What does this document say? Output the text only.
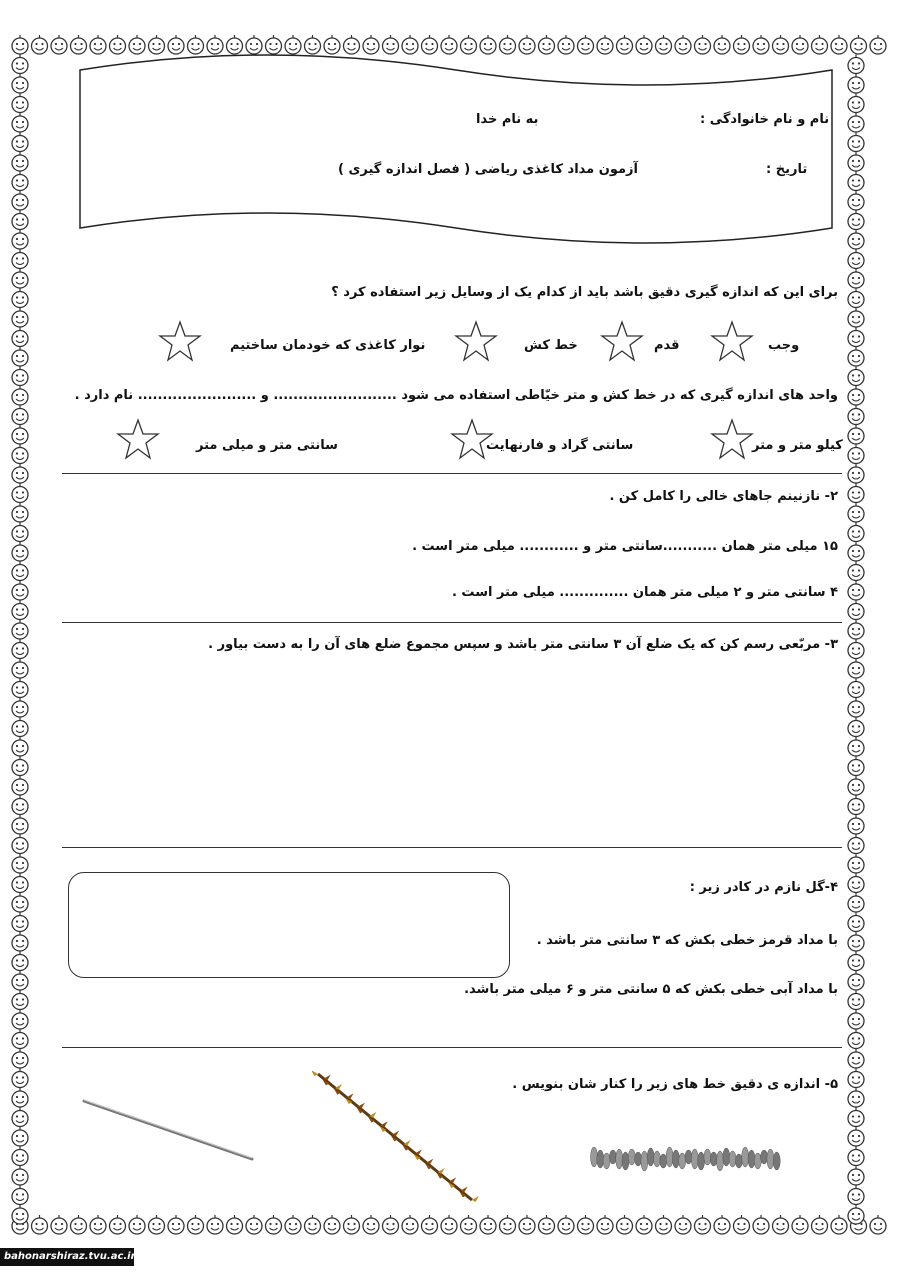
نام و نام خانوادگی :
به نام خدا
تاریخ :
آزمون مداد کاغذی ریاضی ( فصل اندازه گیری )
برای این که اندازه گیری دقیق باشد باید از کدام یک از وسایل زیر استفاده کرد ؟
وجب
قدم
خط کش
نوار کاغذی که خودمان ساختیم
واحد های اندازه گیری که در خط کش و متر خیّاطی استفاده می شود ......................... و ........................ نام دارد .
کیلو متر و متر
سانتی گراد و فارنهایت
سانتی متر و میلی متر
۲- نازنینم جاهای خالی را کامل کن .
۱۵ میلی متر همان ...........سانتی متر و ............ میلی متر است .
۴ سانتی متر و ۲ میلی متر همان .............. میلی متر است .
۳- مربّعی رسم کن که یک ضلع آن ۳ سانتی متر باشد و سپس مجموع ضلع های آن را به دست بیاور .
۴-گل نازم در کادر زیر :
با مداد قرمز خطی بکش که ۳ سانتی متر باشد .
با مداد آبی خطی بکش که ۵ سانتی متر و ۶ میلی متر باشد.
۵- اندازه ی دقیق خط های زیر را کنار شان بنویس .
bahonarshiraz.tvu.ac.ir
